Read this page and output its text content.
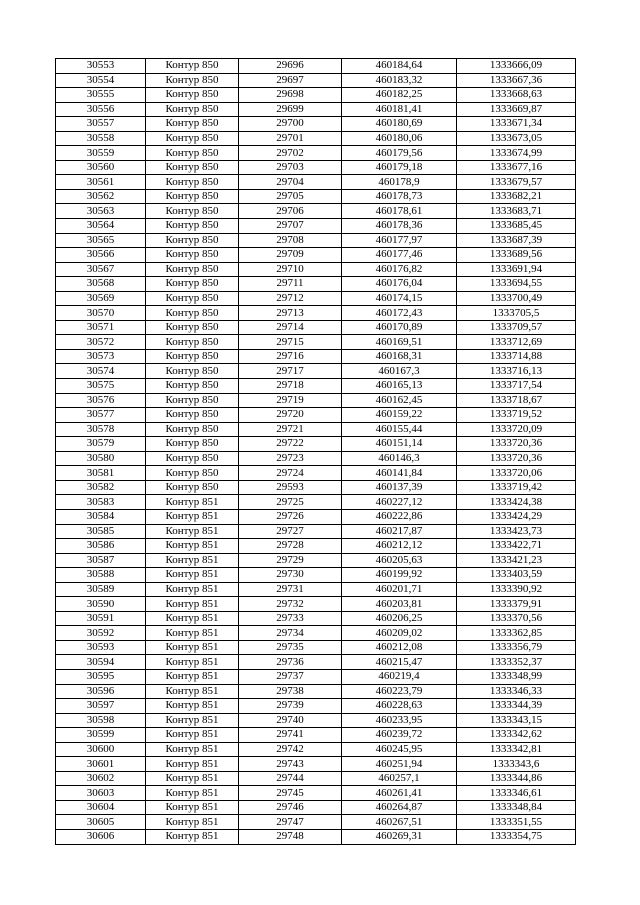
30553	Контур 850	29696	460184,64	1333666,09
30554	Контур 850	29697	460183,32	1333667,36
30555	Контур 850	29698	460182,25	1333668,63
30556	Контур 850	29699	460181,41	1333669,87
30557	Контур 850	29700	460180,69	1333671,34
30558	Контур 850	29701	460180,06	1333673,05
30559	Контур 850	29702	460179,56	1333674,99
30560	Контур 850	29703	460179,18	1333677,16
30561	Контур 850	29704	460178,9	1333679,57
30562	Контур 850	29705	460178,73	1333682,21
30563	Контур 850	29706	460178,61	1333683,71
30564	Контур 850	29707	460178,36	1333685,45
30565	Контур 850	29708	460177,97	1333687,39
30566	Контур 850	29709	460177,46	1333689,56
30567	Контур 850	29710	460176,82	1333691,94
30568	Контур 850	29711	460176,04	1333694,55
30569	Контур 850	29712	460174,15	1333700,49
30570	Контур 850	29713	460172,43	1333705,5
30571	Контур 850	29714	460170,89	1333709,57
30572	Контур 850	29715	460169,51	1333712,69
30573	Контур 850	29716	460168,31	1333714,88
30574	Контур 850	29717	460167,3	1333716,13
30575	Контур 850	29718	460165,13	1333717,54
30576	Контур 850	29719	460162,45	1333718,67
30577	Контур 850	29720	460159,22	1333719,52
30578	Контур 850	29721	460155,44	1333720,09
30579	Контур 850	29722	460151,14	1333720,36
30580	Контур 850	29723	460146,3	1333720,36
30581	Контур 850	29724	460141,84	1333720,06
30582	Контур 850	29593	460137,39	1333719,42
30583	Контур 851	29725	460227,12	1333424,38
30584	Контур 851	29726	460222,86	1333424,29
30585	Контур 851	29727	460217,87	1333423,73
30586	Контур 851	29728	460212,12	1333422,71
30587	Контур 851	29729	460205,63	1333421,23
30588	Контур 851	29730	460199,92	1333403,59
30589	Контур 851	29731	460201,71	1333390,92
30590	Контур 851	29732	460203,81	1333379,91
30591	Контур 851	29733	460206,25	1333370,56
30592	Контур 851	29734	460209,02	1333362,85
30593	Контур 851	29735	460212,08	1333356,79
30594	Контур 851	29736	460215,47	1333352,37
30595	Контур 851	29737	460219,4	1333348,99
30596	Контур 851	29738	460223,79	1333346,33
30597	Контур 851	29739	460228,63	1333344,39
30598	Контур 851	29740	460233,95	1333343,15
30599	Контур 851	29741	460239,72	1333342,62
30600	Контур 851	29742	460245,95	1333342,81
30601	Контур 851	29743	460251,94	1333343,6
30602	Контур 851	29744	460257,1	1333344,86
30603	Контур 851	29745	460261,41	1333346,61
30604	Контур 851	29746	460264,87	1333348,84
30605	Контур 851	29747	460267,51	1333351,55
30606	Контур 851	29748	460269,31	1333354,75
